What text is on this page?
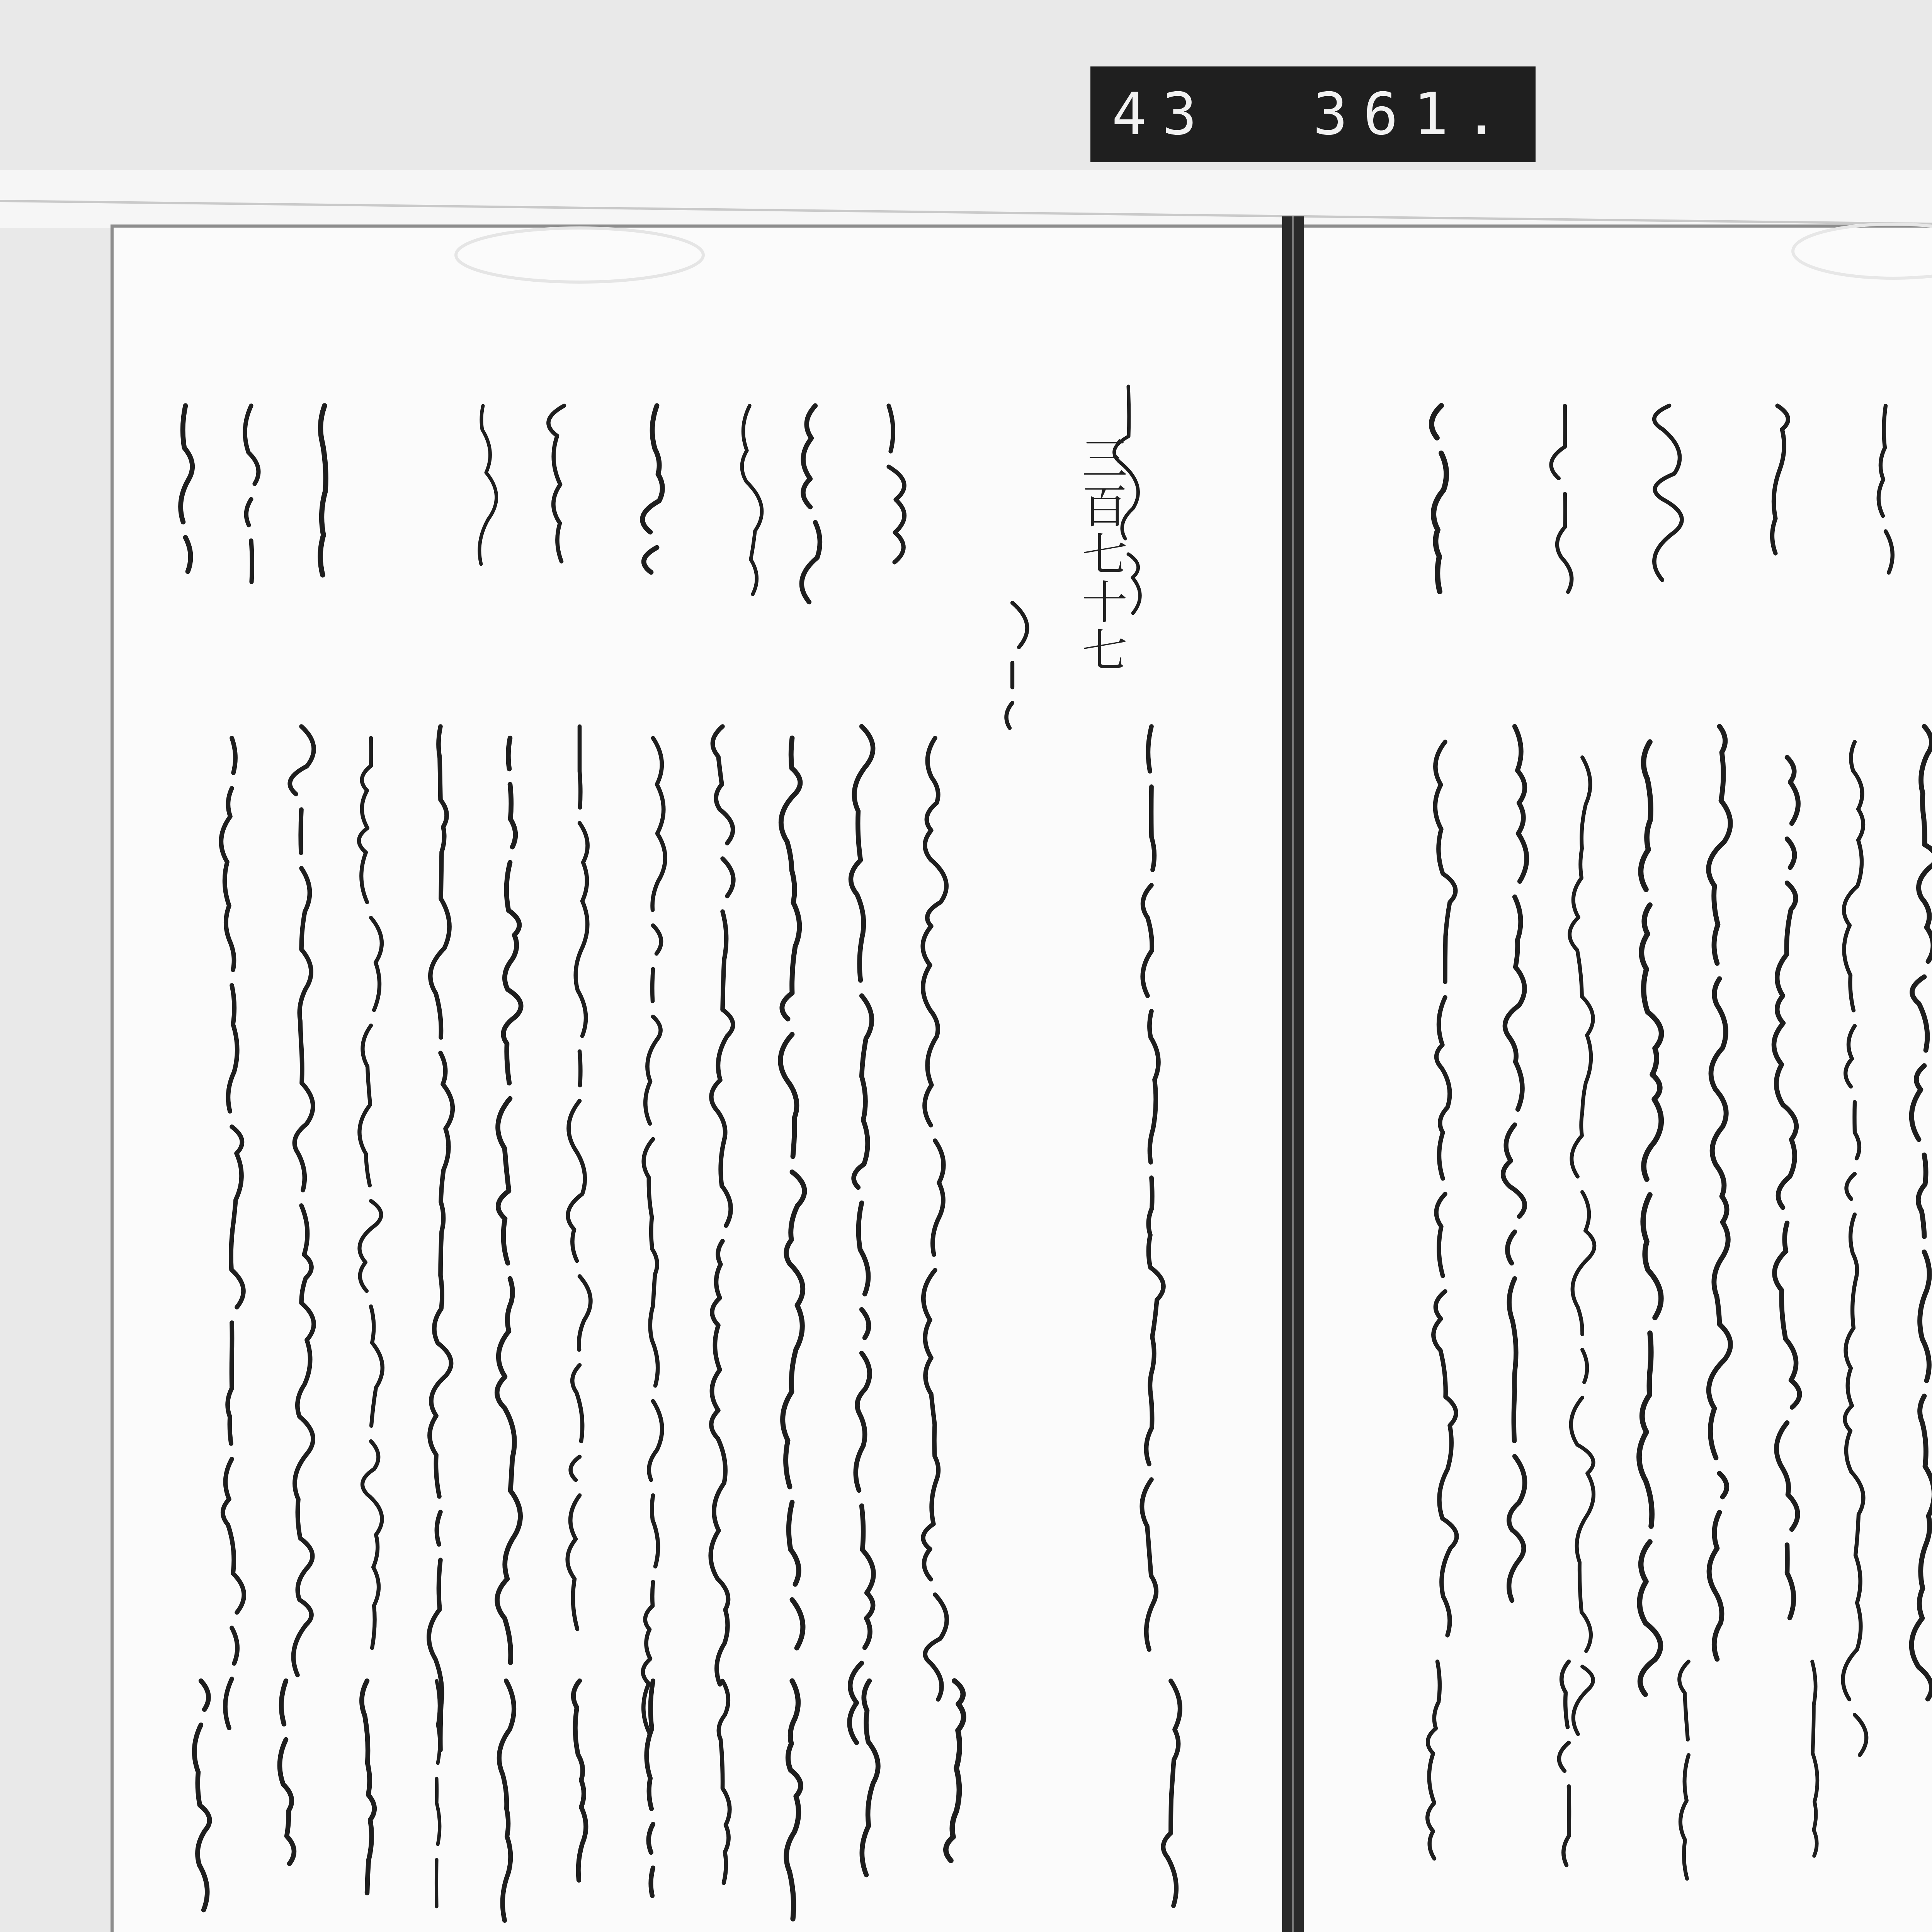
43 361.
三百七十七
